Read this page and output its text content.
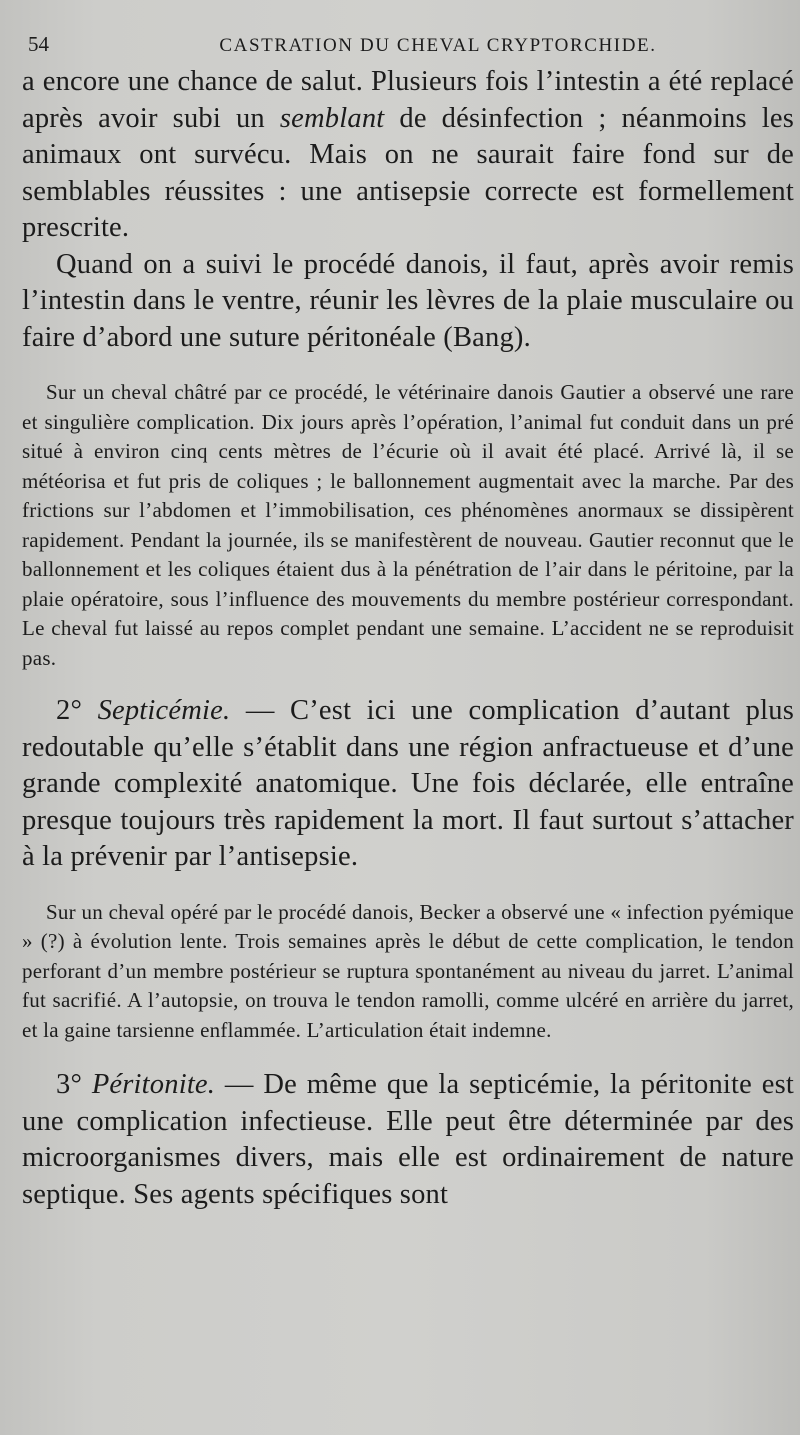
54	CASTRATION DU CHEVAL CRYPTORCHIDE.

a encore une chance de salut. Plusieurs fois l’intestin a été replacé après avoir subi un semblant de désinfection ; néanmoins les animaux ont survécu. Mais on ne saurait faire fond sur de semblables réussites : une antisepsie correcte est formellement prescrite.

Quand on a suivi le procédé danois, il faut, après avoir remis l’intestin dans le ventre, réunir les lèvres de la plaie musculaire ou faire d’abord une suture péritonéale (Bang).

Sur un cheval châtré par ce procédé, le vétérinaire danois Gautier a observé une rare et singulière complication. Dix jours après l’opération, l’animal fut conduit dans un pré situé à environ cinq cents mètres de l’écurie où il avait été placé. Arrivé là, il se météorisa et fut pris de coliques ; le ballonnement augmentait avec la marche. Par des frictions sur l’abdomen et l’immobilisation, ces phénomènes anormaux se dissipèrent rapidement. Pendant la journée, ils se manifestèrent de nouveau. Gautier reconnut que le ballonnement et les coliques étaient dus à la pénétration de l’air dans le péritoine, par la plaie opératoire, sous l’influence des mouvements du membre postérieur correspondant. Le cheval fut laissé au repos complet pendant une semaine. L’accident ne se reproduisit pas.

2° Septicémie. — C’est ici une complication d’autant plus redoutable qu’elle s’établit dans une région anfractueuse et d’une grande complexité anatomique. Une fois déclarée, elle entraîne presque toujours très rapidement la mort. Il faut surtout s’attacher à la prévenir par l’antisepsie.

Sur un cheval opéré par le procédé danois, Becker a observé une « infection pyémique » (?) à évolution lente. Trois semaines après le début de cette complication, le tendon perforant d’un membre postérieur se ruptura spontanément au niveau du jarret. L’animal fut sacrifié. A l’autopsie, on trouva le tendon ramolli, comme ulcéré en arrière du jarret, et la gaine tarsienne enflammée. L’articulation était indemne.

3° Péritonite. — De même que la septicémie, la péritonite est une complication infectieuse. Elle peut être déterminée par des microorganismes divers, mais elle est ordinairement de nature septique. Ses agents spécifiques sont
